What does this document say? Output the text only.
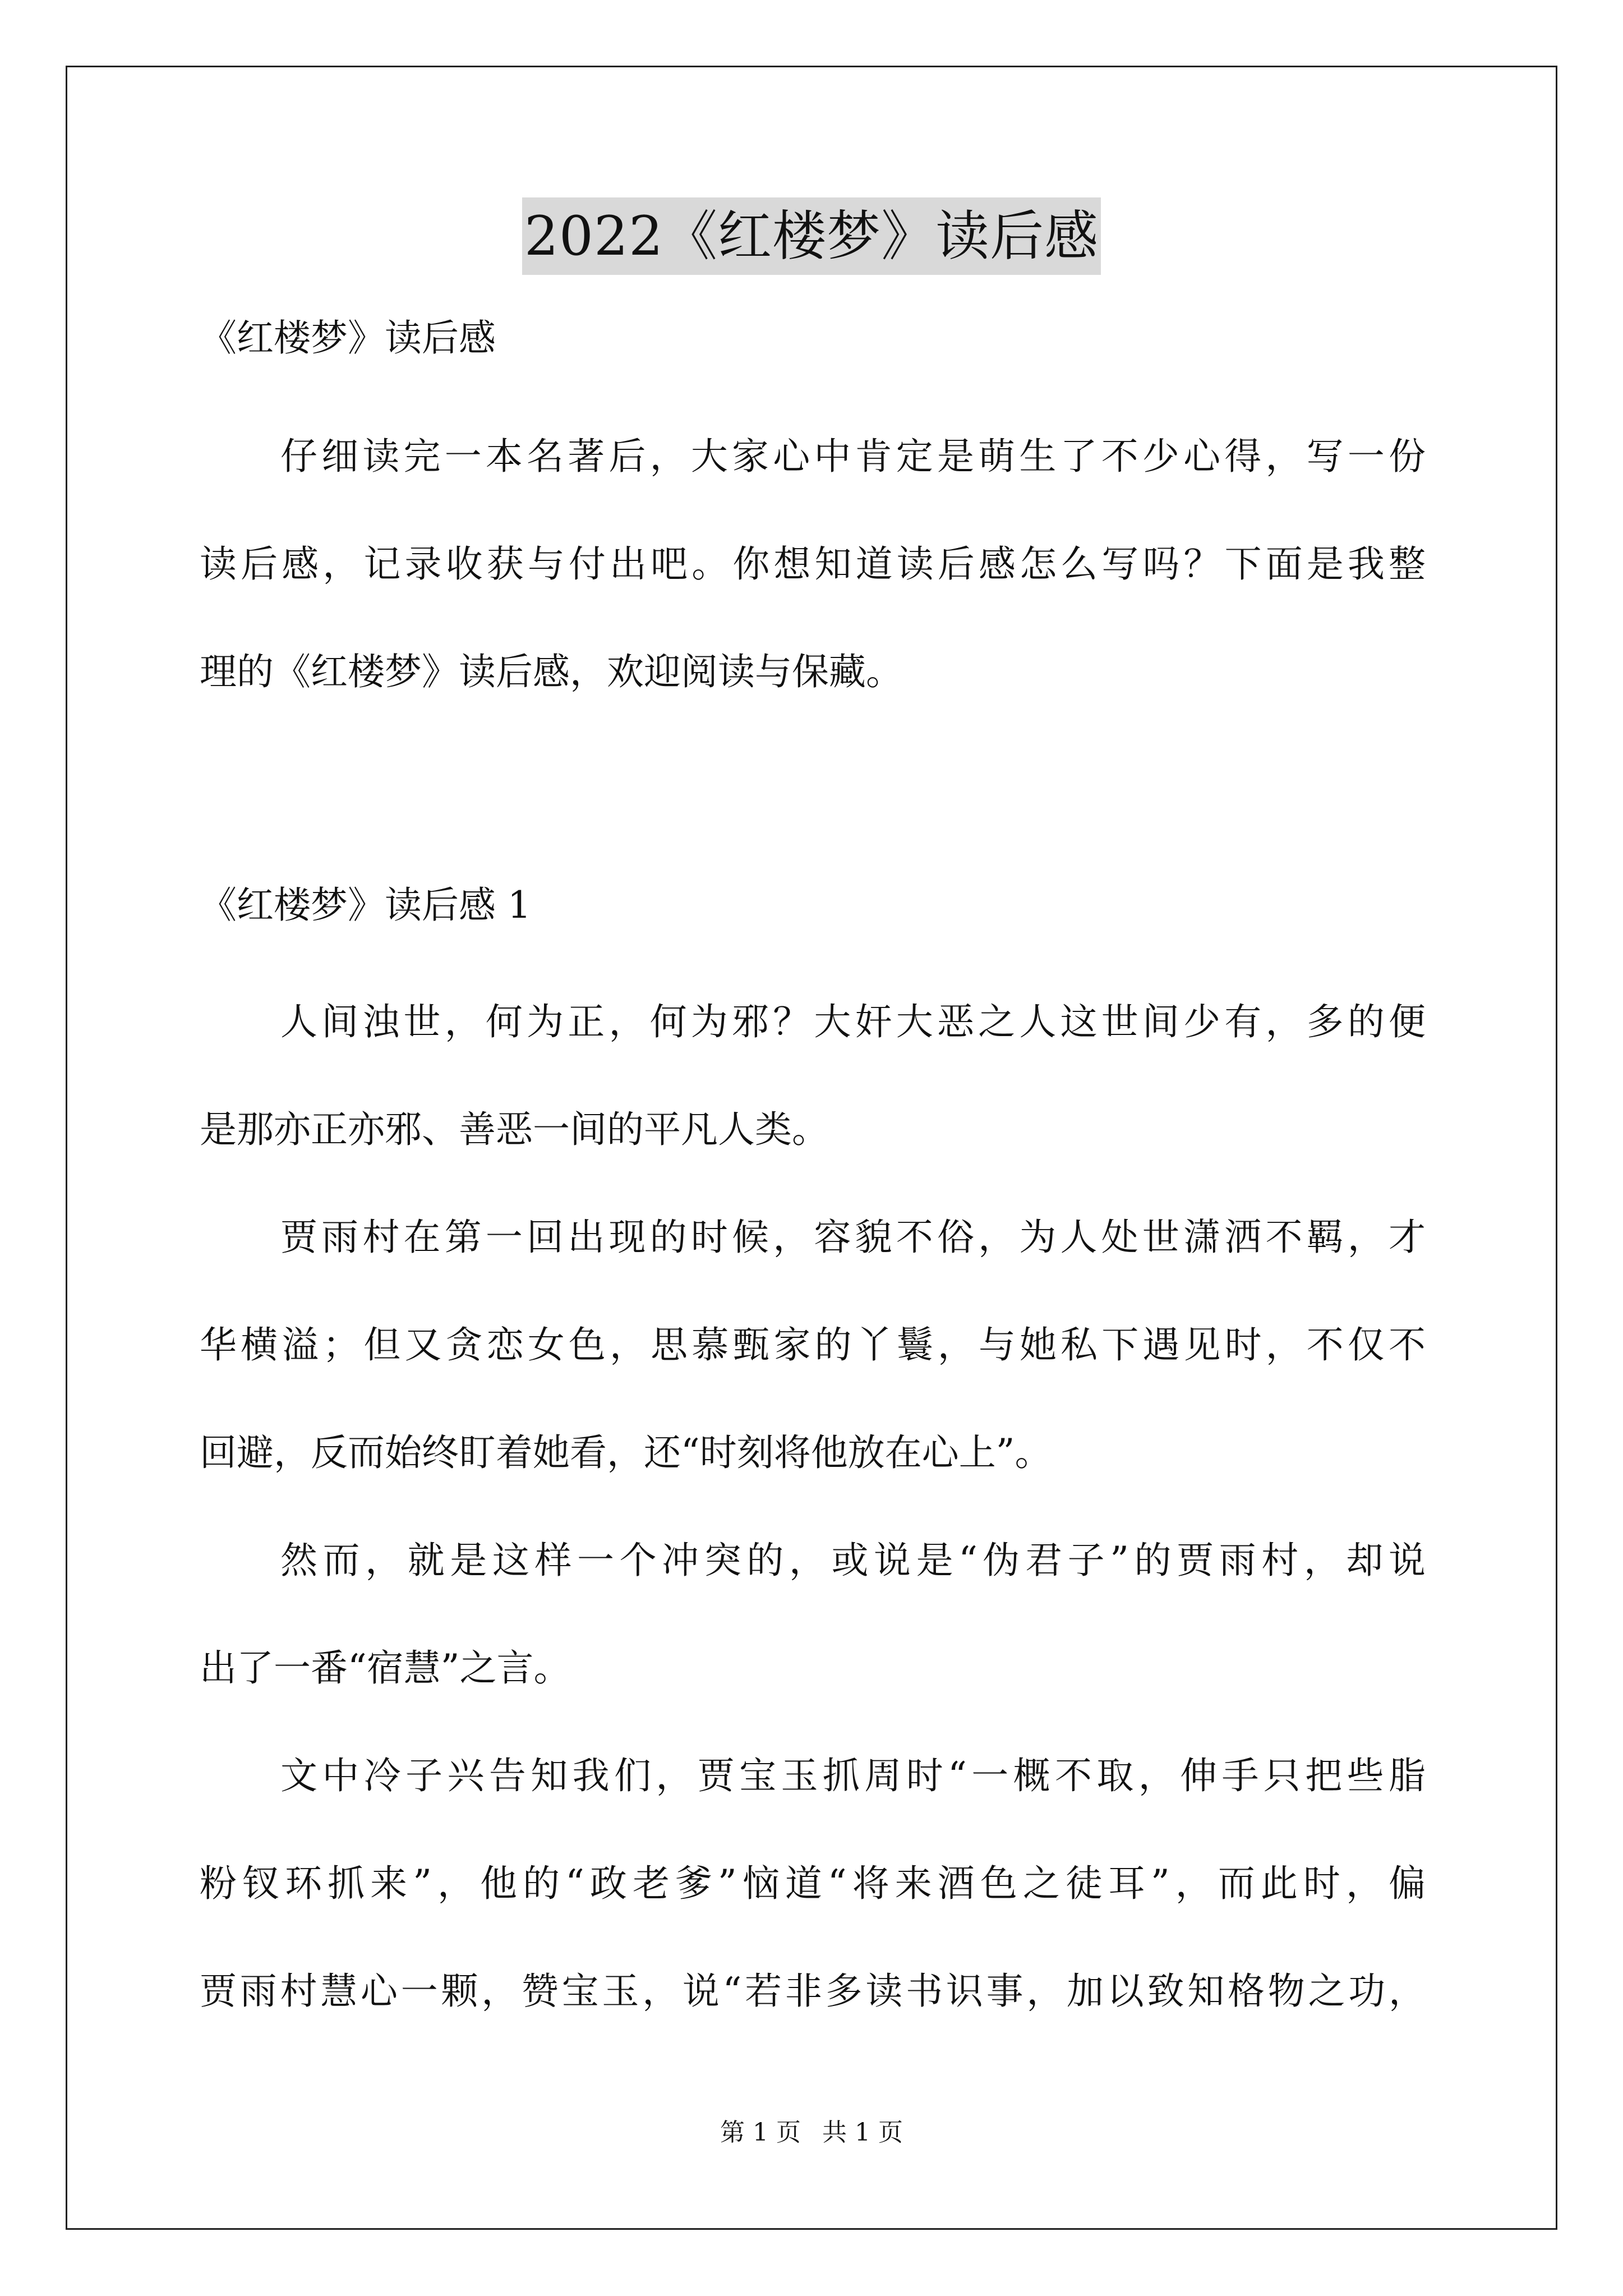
2022《红楼梦》读后感
《红楼梦》读后感
仔细读完一本名著后，大家心中肯定是萌生了不少心得，写一份
读后感，记录收获与付出吧。你想知道读后感怎么写吗？下面是我整
理的《红楼梦》读后感，欢迎阅读与保藏。
《红楼梦》读后感 1
人间浊世，何为正，何为邪？大奸大恶之人这世间少有，多的便
是那亦正亦邪、善恶一间的平凡人类。
贾雨村在第一回出现的时候，容貌不俗，为人处世潇洒不羁，才
华横溢；但又贪恋女色，思慕甄家的丫鬟，与她私下遇见时，不仅不
回避，反而始终盯着她看，还“时刻将他放在心上”。
然而，就是这样一个冲突的，或说是“伪君子”的贾雨村，却说
出了一番“宿慧”之言。
文中冷子兴告知我们，贾宝玉抓周时“一概不取，伸手只把些脂
粉钗环抓来”，他的“政老爹”恼道“将来酒色之徒耳”，而此时，偏
贾雨村慧心一颗，赞宝玉，说“若非多读书识事，加以致知格物之功，
第 1 页 共 1 页
